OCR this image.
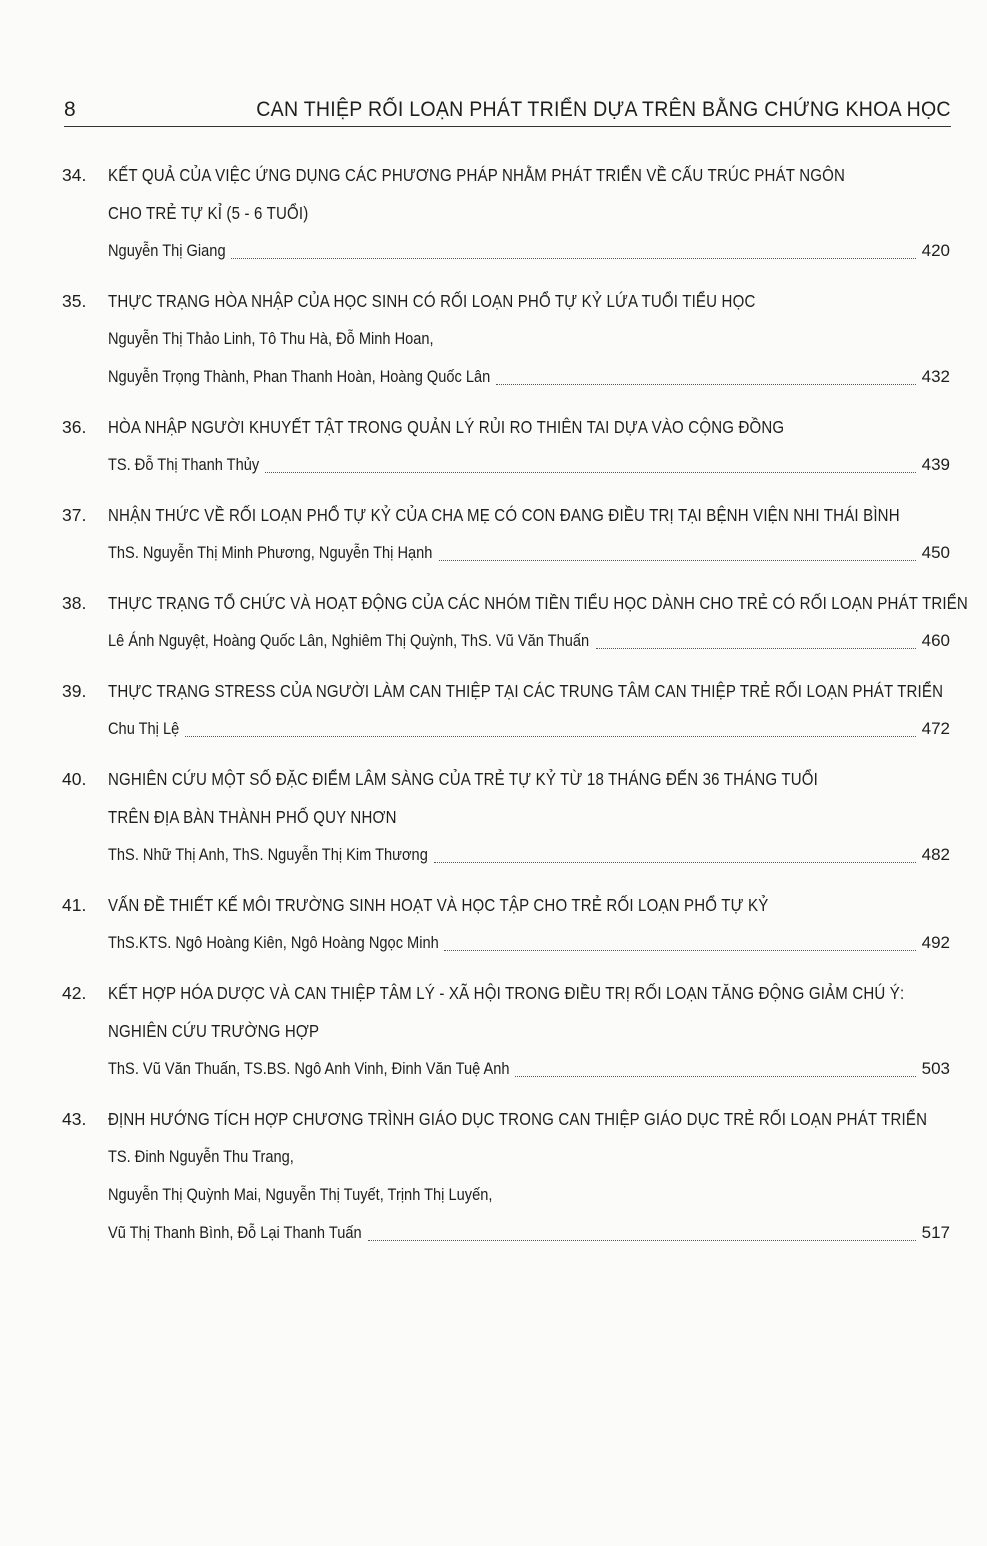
8	CAN THIỆP RỐI LOẠN PHÁT TRIỂN DỰA TRÊN BẰNG CHỨNG KHOA HỌC
34.	KẾT QUẢ CỦA VIỆC ỨNG DỤNG CÁC PHƯƠNG PHÁP NHẰM PHÁT TRIỂN VỀ CẤU TRÚC PHÁT NGÔN
CHO TRẺ TỰ KỈ (5 - 6 TUỔI)
Nguyễn Thị Giang	420
35.	THỰC TRẠNG HÒA NHẬP CỦA HỌC SINH CÓ RỐI LOẠN PHỔ TỰ KỶ LỨA TUỔI TIỂU HỌC
Nguyễn Thị Thảo Linh, Tô Thu Hà, Đỗ Minh Hoan,
Nguyễn Trọng Thành, Phan Thanh Hoàn, Hoàng Quốc Lân	432
36.	HÒA NHẬP NGƯỜI KHUYẾT TẬT TRONG QUẢN LÝ RỦI RO THIÊN TAI DỰA VÀO CỘNG ĐỒNG
TS. Đỗ Thị Thanh Thủy	439
37.	NHẬN THỨC VỀ RỐI LOẠN PHỔ TỰ KỶ CỦA CHA MẸ CÓ CON ĐANG ĐIỀU TRỊ TẠI BỆNH VIỆN NHI THÁI BÌNH
ThS. Nguyễn Thị Minh Phương, Nguyễn Thị Hạnh	450
38.	THỰC TRẠNG TỔ CHỨC VÀ HOẠT ĐỘNG CỦA CÁC NHÓM TIỀN TIỂU HỌC DÀNH CHO TRẺ CÓ RỐI LOẠN PHÁT TRIỂN
Lê Ánh Nguyệt, Hoàng Quốc Lân, Nghiêm Thị Quỳnh, ThS. Vũ Văn Thuấn	460
39.	THỰC TRẠNG STRESS CỦA NGƯỜI LÀM CAN THIỆP TẠI CÁC TRUNG TÂM CAN THIỆP TRẺ RỐI LOẠN PHÁT TRIỂN
Chu Thị Lệ	472
40.	NGHIÊN CỨU MỘT SỐ ĐẶC ĐIỂM LÂM SÀNG CỦA TRẺ TỰ KỶ TỪ 18 THÁNG ĐẾN 36 THÁNG TUỔI
TRÊN ĐỊA BÀN THÀNH PHỐ QUY NHƠN
ThS. Nhữ Thị Anh, ThS. Nguyễn Thị Kim Thương	482
41.	VẤN ĐỀ THIẾT KẾ MÔI TRƯỜNG SINH HOẠT VÀ HỌC TẬP CHO TRẺ RỐI LOẠN PHỔ TỰ KỶ
ThS.KTS. Ngô Hoàng Kiên, Ngô Hoàng Ngọc Minh	492
42.	KẾT HỢP HÓA DƯỢC VÀ CAN THIỆP TÂM LÝ - XÃ HỘI TRONG ĐIỀU TRỊ RỐI LOẠN TĂNG ĐỘNG GIẢM CHÚ Ý:
NGHIÊN CỨU TRƯỜNG HỢP
ThS. Vũ Văn Thuấn, TS.BS. Ngô Anh Vinh, Đinh Văn Tuệ Anh	503
43.	ĐỊNH HƯỚNG TÍCH HỢP CHƯƠNG TRÌNH GIÁO DỤC TRONG CAN THIỆP GIÁO DỤC TRẺ RỐI LOẠN PHÁT TRIỂN
TS. Đinh Nguyễn Thu Trang,
Nguyễn Thị Quỳnh Mai, Nguyễn Thị Tuyết, Trịnh Thị Luyến,
Vũ Thị Thanh Bình, Đỗ Lại Thanh Tuấn	517
